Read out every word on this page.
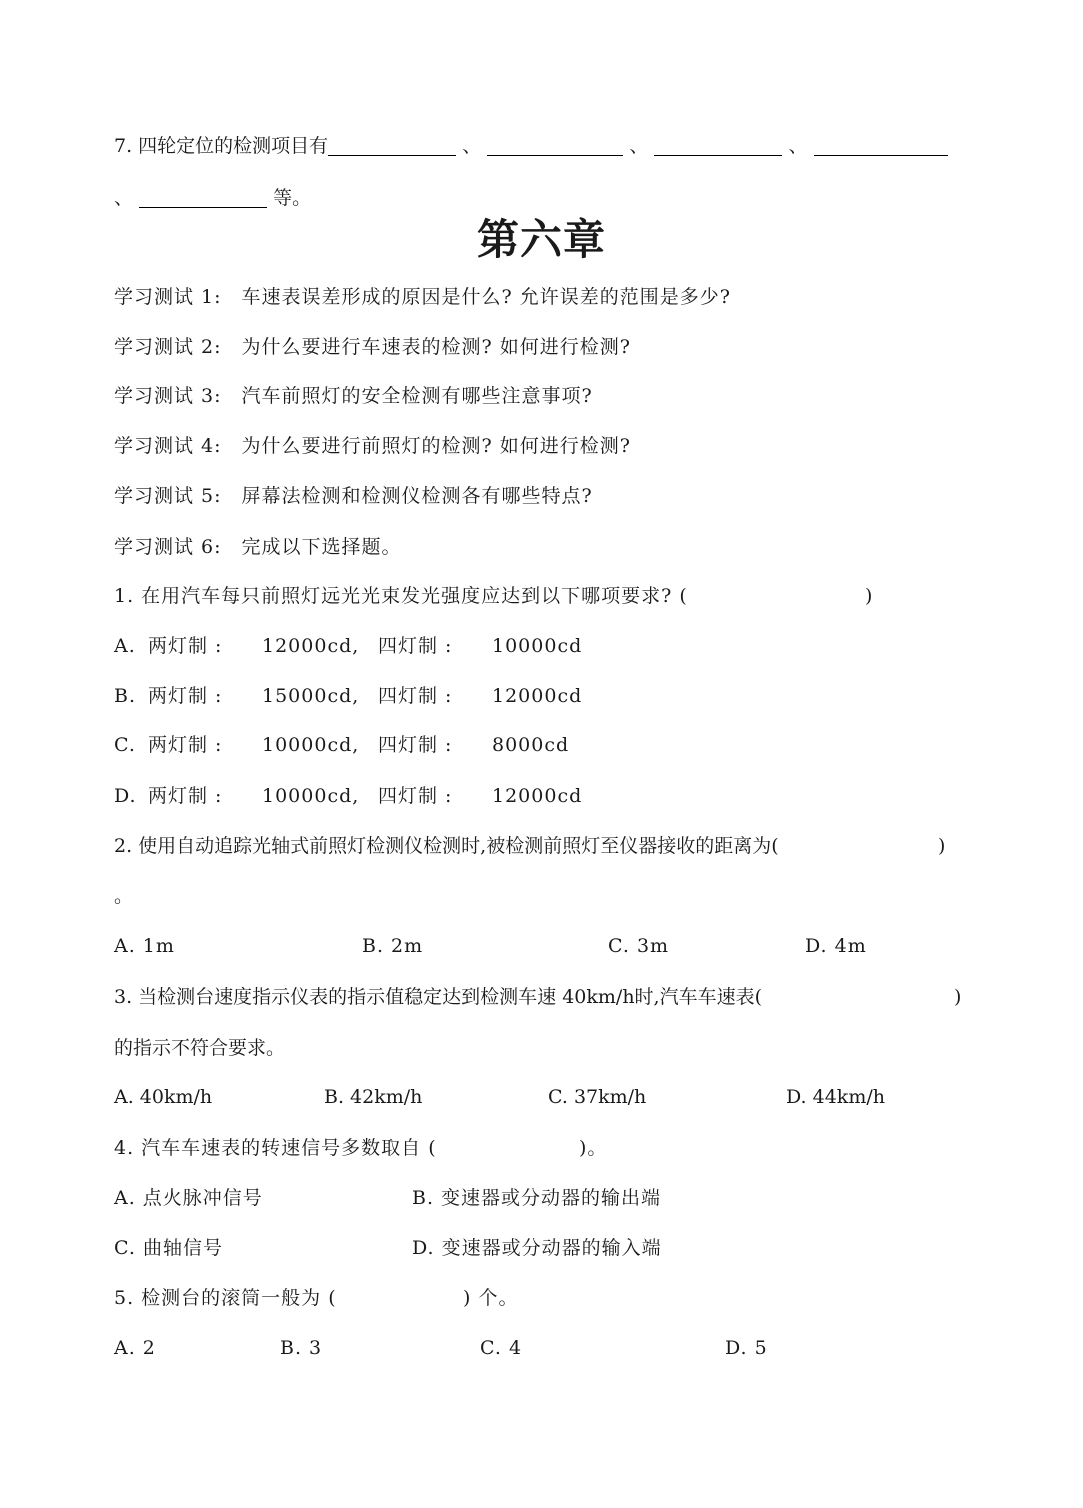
7. 四轮定位的检测项目有	、	、	、
、	等。
第六章
学习测试 1: 车速表误差形成的原因是什么? 允许误差的范围是多少?
学习测试 2: 为什么要进行车速表的检测? 如何进行检测?
学习测试 3: 汽车前照灯的安全检测有哪些注意事项?
学习测试 4: 为什么要进行前照灯的检测? 如何进行检测?
学习测试 5: 屏幕法检测和检测仪检测各有哪些特点?
学习测试 6: 完成以下选择题。
1. 在用汽车每只前照灯远光光束发光强度应达到以下哪项要求? (	)
A. 两灯制 : 12000cd, 四灯制 : 10000cd
B. 两灯制 : 15000cd, 四灯制 : 12000cd
C. 两灯制 : 10000cd, 四灯制 : 8000cd
D. 两灯制 : 10000cd, 四灯制 : 12000cd
2. 使用自动追踪光轴式前照灯检测仪检测时,被检测前照灯至仪器接收的距离为(	)
。
A. 1m	B. 2m	C. 3m	D. 4m
3. 当检测台速度指示仪表的指示值稳定达到检测车速 40km/h时,汽车车速表(	)
的指示不符合要求。
A. 40km/h	B. 42km/h	C. 37km/h	D. 44km/h
4. 汽车车速表的转速信号多数取自 (	)。
A. 点火脉冲信号	B. 变速器或分动器的输出端
C. 曲轴信号	D. 变速器或分动器的输入端
5. 检测台的滚筒一般为 (	) 个。
A. 2	B. 3	C. 4	D. 5
